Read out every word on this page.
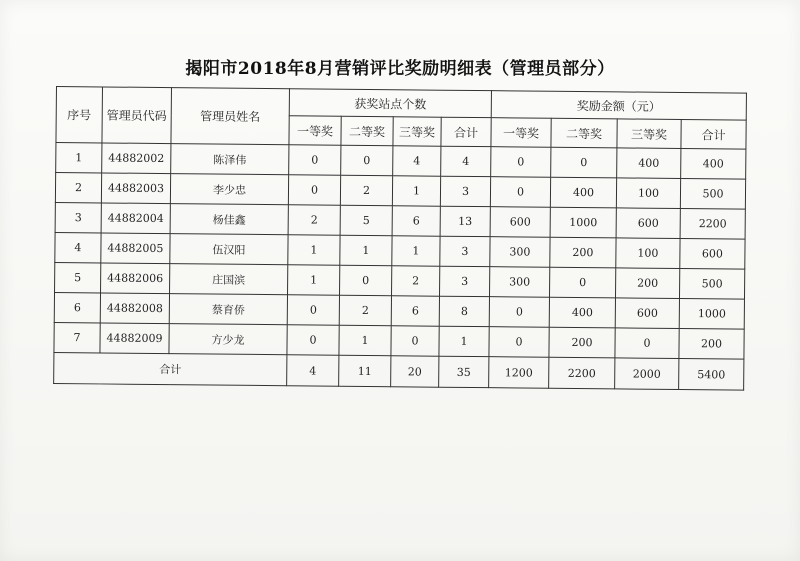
揭阳市2018年8月营销评比奖励明细表（管理员部分）
序号	管理员代码	管理员姓名	获奖站点个数				奖励金额（元）			
			一等奖	二等奖	三等奖	合计	一等奖	二等奖	三等奖	合计
1	44882002	陈泽伟	0	0	4	4	0	0	400	400
2	44882003	李少忠	0	2	1	3	0	400	100	500
3	44882004	杨佳鑫	2	5	6	13	600	1000	600	2200
4	44882005	伍汉阳	1	1	1	3	300	200	100	600
5	44882006	庄国滨	1	0	2	3	300	0	200	500
6	44882008	蔡育侨	0	2	6	8	0	400	600	1000
7	44882009	方少龙	0	1	0	1	0	200	0	200
合计			4	11	20	35	1200	2200	2000	5400
